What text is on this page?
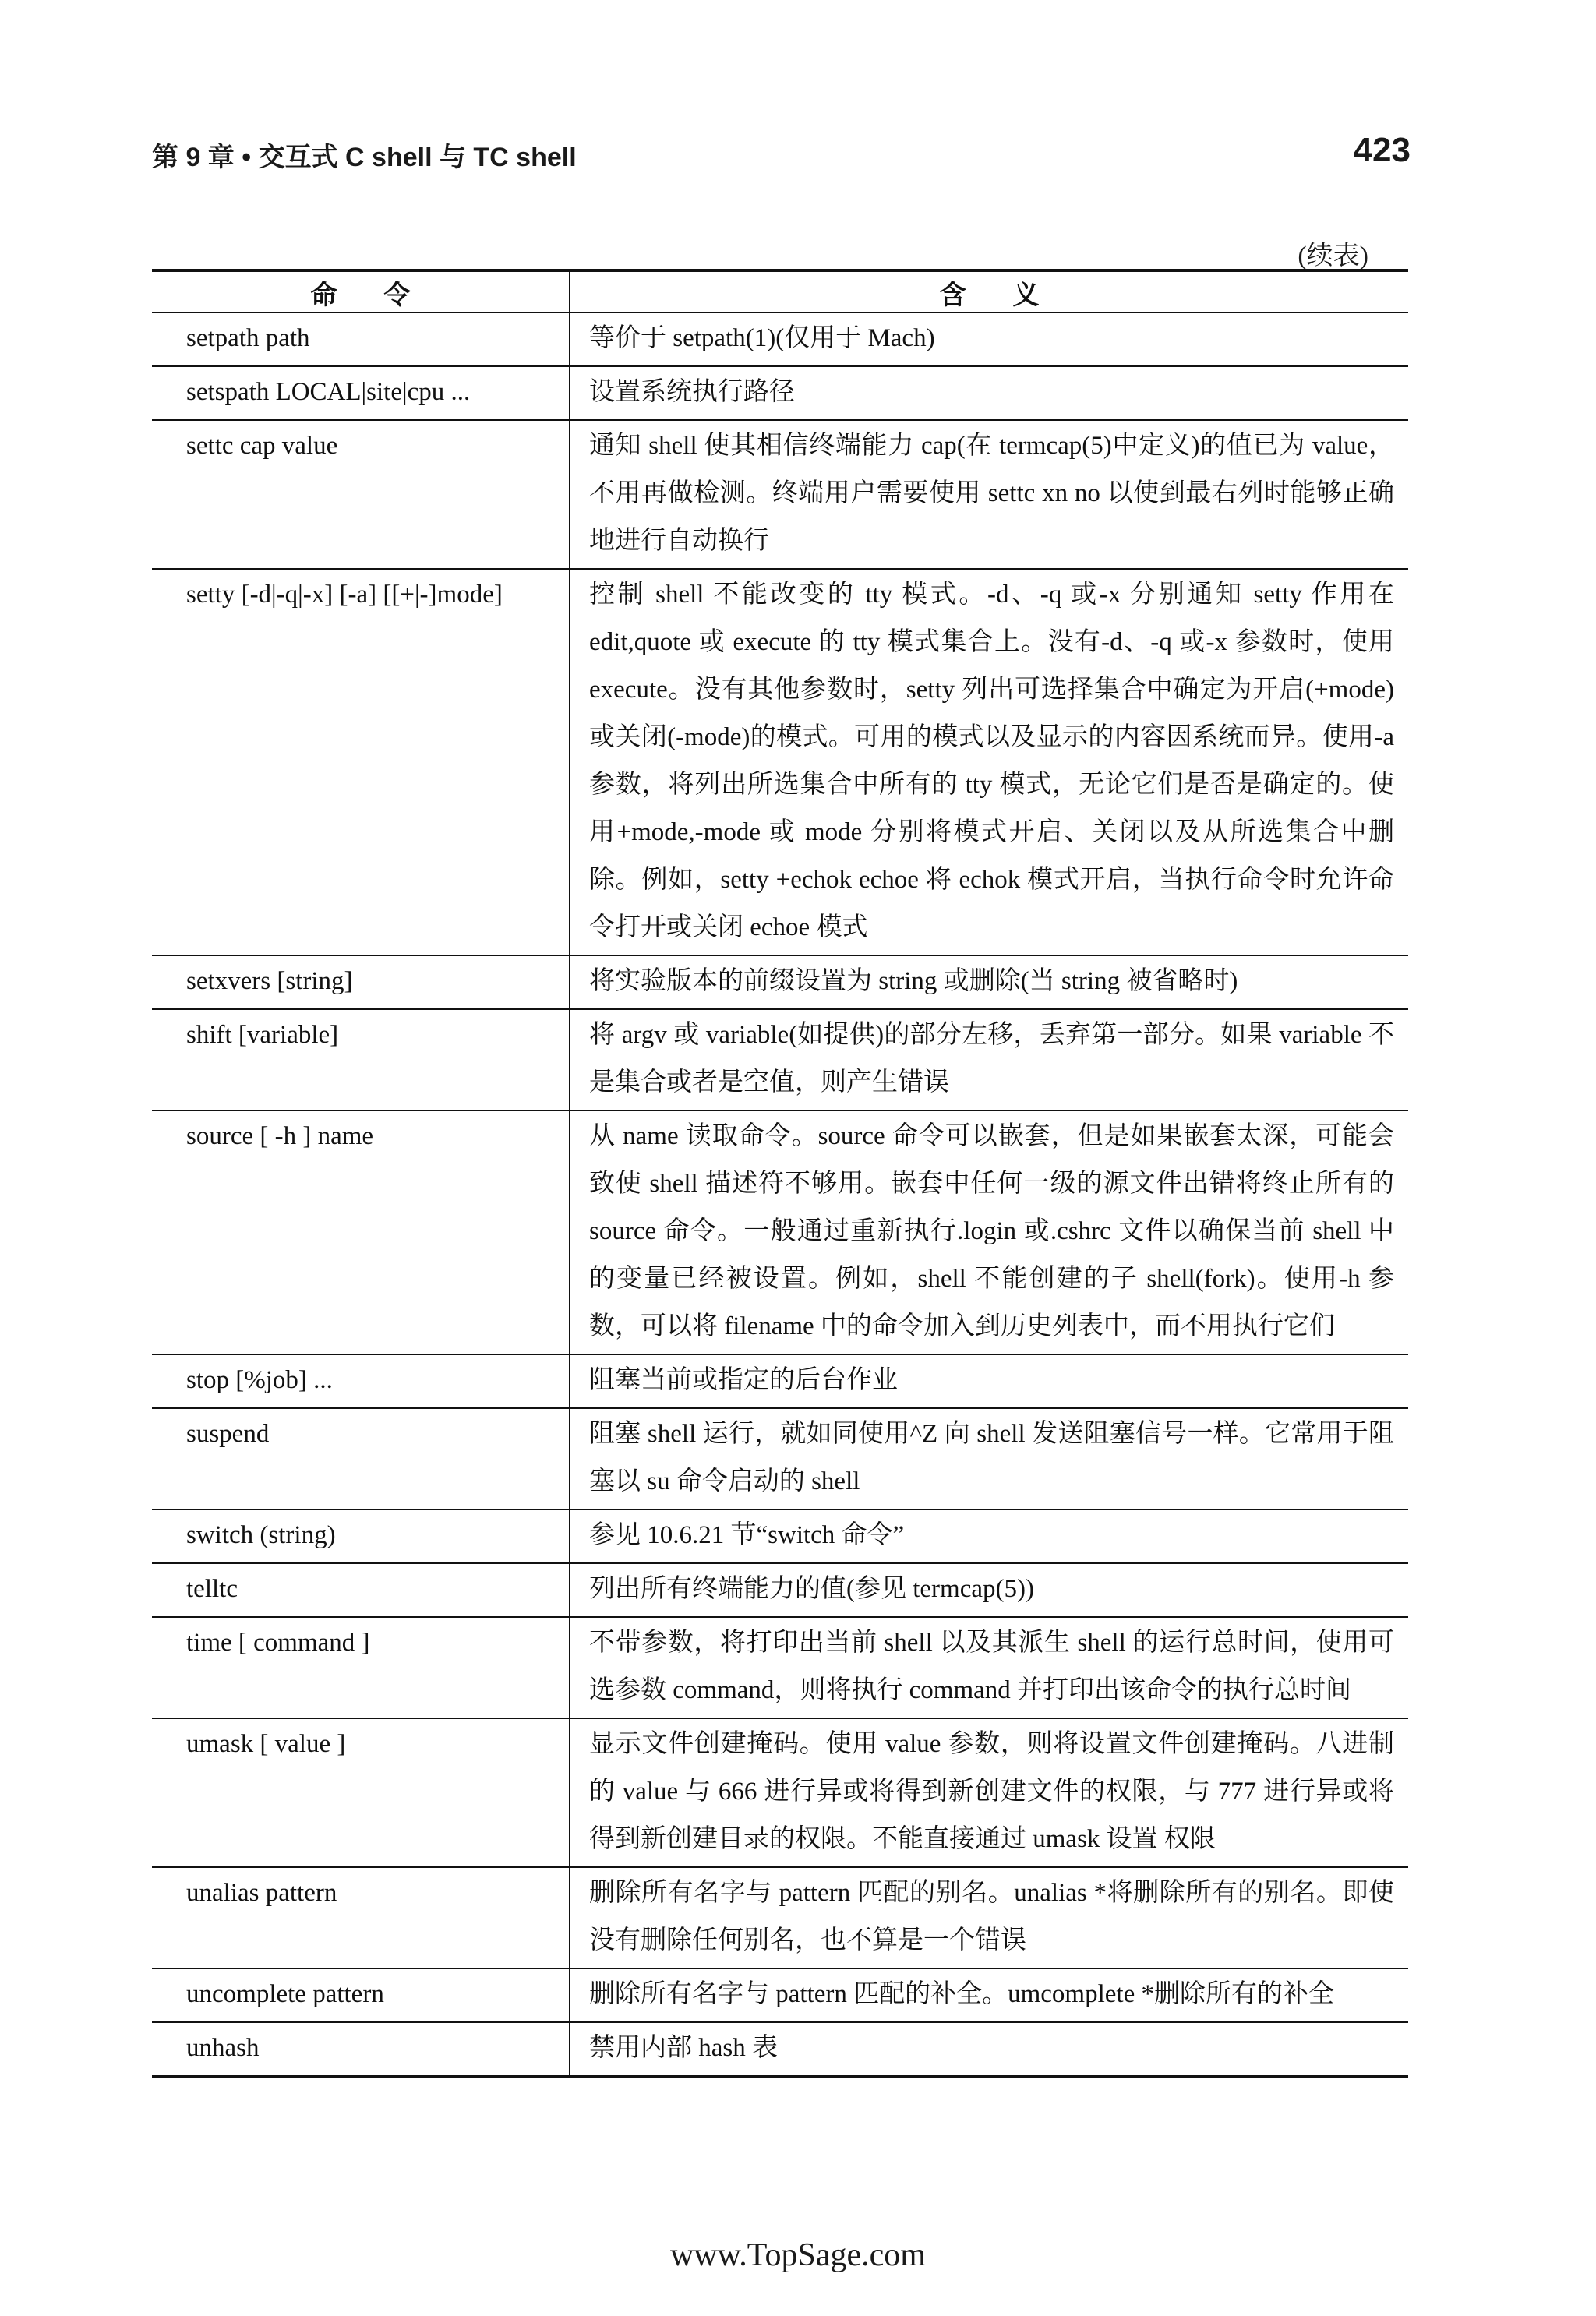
第 9 章 • 交互式 C shell 与 TC shell	423
(续表)
命令	含义
setpath path	等价于 setpath(1)(仅用于 Mach)
setspath LOCAL|site|cpu ...	设置系统执行路径
settc cap value	通知 shell 使其相信终端能力 cap(在 termcap(5)中定义)的值已为 value，不用再做检测。终端用户需要使用 settc xn no 以使到最右列时能够正确地进行自动换行
setty [-d|-q|-x] [-a] [[+|-]mode]	控制 shell 不能改变的 tty 模式。-d、-q 或-x 分别通知 setty 作用在 edit,quote 或 execute 的 tty 模式集合上。没有-d、-q 或-x 参数时，使用 execute。没有其他参数时，setty 列出可选择集合中确定为开启(+mode)或关闭(-mode)的模式。可用的模式以及显示的内容因系统而异。使用-a 参数，将列出所选集合中所有的 tty 模式，无论它们是否是确定的。使用+mode,-mode 或 mode 分别将模式开启、关闭以及从所选集合中删除。例如，setty +echok echoe 将 echok 模式开启，当执行命令时允许命令打开或关闭 echoe 模式
setxvers [string]	将实验版本的前缀设置为 string 或删除(当 string 被省略时)
shift [variable]	将 argv 或 variable(如提供)的部分左移，丢弃第一部分。如果 variable 不是集合或者是空值，则产生错误
source [ -h ] name	从 name 读取命令。source 命令可以嵌套，但是如果嵌套太深，可能会致使 shell 描述符不够用。嵌套中任何一级的源文件出错将终止所有的 source 命令。一般通过重新执行.login 或.cshrc 文件以确保当前 shell 中的变量已经被设置。例如，shell 不能创建的子 shell(fork)。使用-h 参数，可以将 filename 中的命令加入到历史列表中，而不用执行它们
stop [%job] ...	阻塞当前或指定的后台作业
suspend	阻塞 shell 运行，就如同使用^Z 向 shell 发送阻塞信号一样。它常用于阻塞以 su 命令启动的 shell
switch (string)	参见 10.6.21 节“switch 命令”
telltc	列出所有终端能力的值(参见 termcap(5))
time [ command ]	不带参数，将打印出当前 shell 以及其派生 shell 的运行总时间，使用可选参数 command，则将执行 command 并打印出该命令的执行总时间
umask [ value ]	显示文件创建掩码。使用 value 参数，则将设置文件创建掩码。八进制的 value 与 666 进行异或将得到新创建文件的权限，与 777 进行异或将得到新创建目录的权限。不能直接通过 umask 设置 权限
unalias pattern	删除所有名字与 pattern 匹配的别名。unalias *将删除所有的别名。即使没有删除任何别名，也不算是一个错误
uncomplete pattern	删除所有名字与 pattern 匹配的补全。umcomplete *删除所有的补全
unhash	禁用内部 hash 表
www.TopSage.com
